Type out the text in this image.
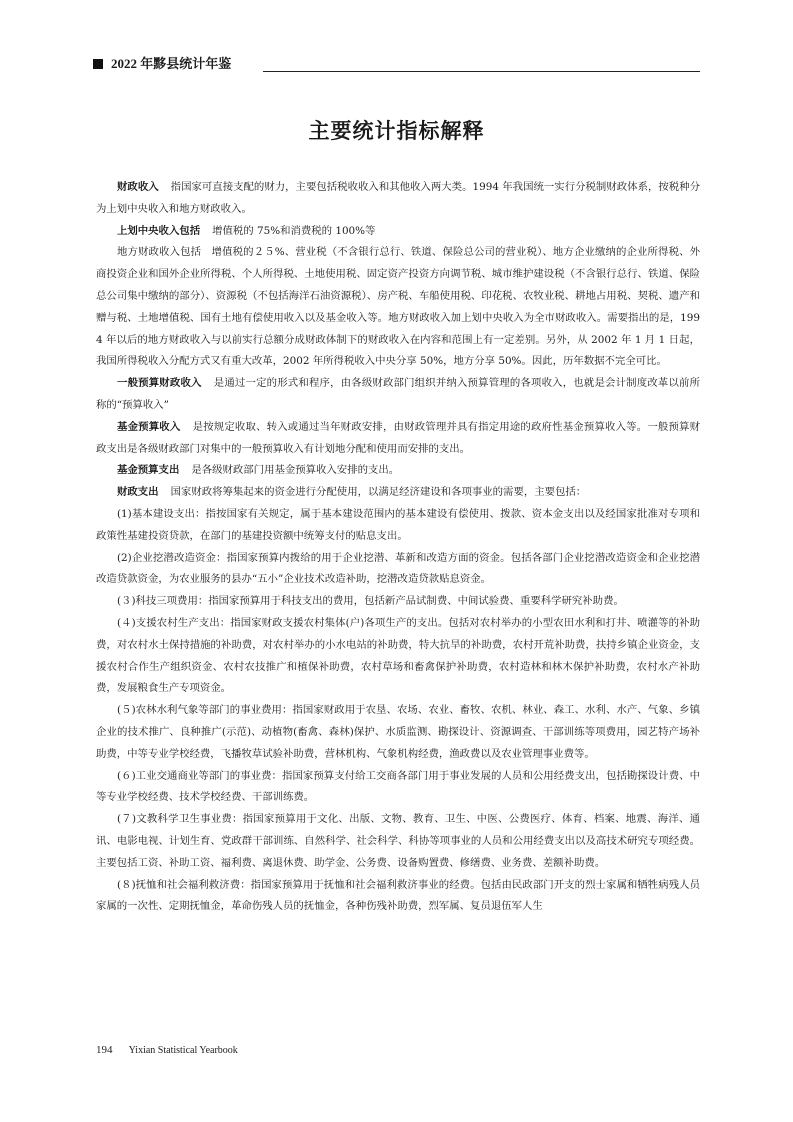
2022 年黟县统计年鉴
主要统计指标解释

财政收入 指国家可直接支配的财力，主要包括税收收入和其他收入两大类。1994 年我国统一实行分税制财政体系，按税种分为上划中央收入和地方财政收入。

上划中央收入包括 增值税的 75%和消费税的 100%等

地方财政收入包括　增值税的２５%、营业税（不含银行总行、铁道、保险总公司的营业税）、地方企业缴纳的企业所得税、外商投资企业和国外企业所得税、个人所得税、土地使用税、固定资产投资方向调节税、城市维护建设税（不含银行总行、铁道、保险总公司集中缴纳的部分）、资源税（不包括海洋石油资源税）、房产税、车船使用税、印花税、农牧业税、耕地占用税、契税、遗产和赠与税、土地增值税、国有土地有偿使用收入以及基金收入等。地方财政收入加上划中央收入为全市财政收入。需要指出的是，1994 年以后的地方财政收入与以前实行总额分成财政体制下的财政收入在内容和范围上有一定差别。另外，从 2002 年 1 月 1 日起，我国所得税收入分配方式又有重大改革，2002 年所得税收入中央分享 50%，地方分享 50%。因此，历年数据不完全可比。

一般预算财政收入 是通过一定的形式和程序，由各级财政部门组织并纳入预算管理的各项收入，也就是会计制度改革以前所称的“预算收入”

基金预算收入 是按规定收取、转入或通过当年财政安排，由财政管理并具有指定用途的政府性基金预算收入等。一般预算财政支出是各级财政部门对集中的一般预算收入有计划地分配和使用而安排的支出。

基金预算支出 是各级财政部门用基金预算收入安排的支出。

财政支出 国家财政将筹集起来的资金进行分配使用，以满足经济建设和各项事业的需要，主要包括：

(1)基本建设支出：指按国家有关规定，属于基本建设范围内的基本建设有偿使用、拨款、资本金支出以及经国家批准对专项和政策性基建投资贷款，在部门的基建投资额中统筹支付的贴息支出。

(2)企业挖潜改造资金：指国家预算内拨给的用于企业挖潜、革新和改造方面的资金。包括各部门企业挖潜改造资金和企业挖潜改造贷款资金，为农业服务的县办“五小”企业技术改造补助，挖潜改造贷款贴息资金。

(３)科技三项费用：指国家预算用于科技支出的费用，包括新产品试制费、中间试验费、重要科学研究补助费。

(４)支援农村生产支出：指国家财政支援农村集体(户)各项生产的支出。包括对农村举办的小型农田水利和打井、喷灌等的补助费，对农村水土保持措施的补助费，对农村举办的小水电站的补助费，特大抗旱的补助费，农村开荒补助费，扶持乡镇企业资金，支援农村合作生产组织资金、农村农技推广和植保补助费，农村草场和畜禽保护补助费，农村造林和林木保护补助费，农村水产补助费，发展粮食生产专项资金。

(５)农林水利气象等部门的事业费用：指国家财政用于农垦、农场、农业、畜牧、农机、林业、森工、水利、水产、气象、乡镇企业的技术推广、良种推广(示范)、动植物(畜禽、森林)保护、水质监测、勘探设计、资源调查、干部训练等项费用，园艺特产场补助费，中等专业学校经费，飞播牧草试验补助费，营林机构、气象机构经费，渔政费以及农业管理事业费等。

(６)工业交通商业等部门的事业费：指国家预算支付给工交商各部门用于事业发展的人员和公用经费支出，包括勘探设计费、中等专业学校经费、技术学校经费、干部训练费。

(７)文教科学卫生事业费：指国家预算用于文化、出版、文物、教育、卫生、中医、公费医疗、体育、档案、地震、海洋、通讯、电影电视、计划生育、党政群干部训练、自然科学、社会科学、科协等项事业的人员和公用经费支出以及高技术研究专项经费。主要包括工资、补助工资、福利费、离退休费、助学金、公务费、设备购置费、修缮费、业务费、差额补助费。

(８)抚恤和社会福利救济费：指国家预算用于抚恤和社会福利救济事业的经费。包括由民政部门开支的烈士家属和牺牲病残人员家属的一次性、定期抚恤金，革命伤残人员的抚恤金，各种伤残补助费，烈军属、复员退伍军人生

194 Yixian Statistical Yearbook
